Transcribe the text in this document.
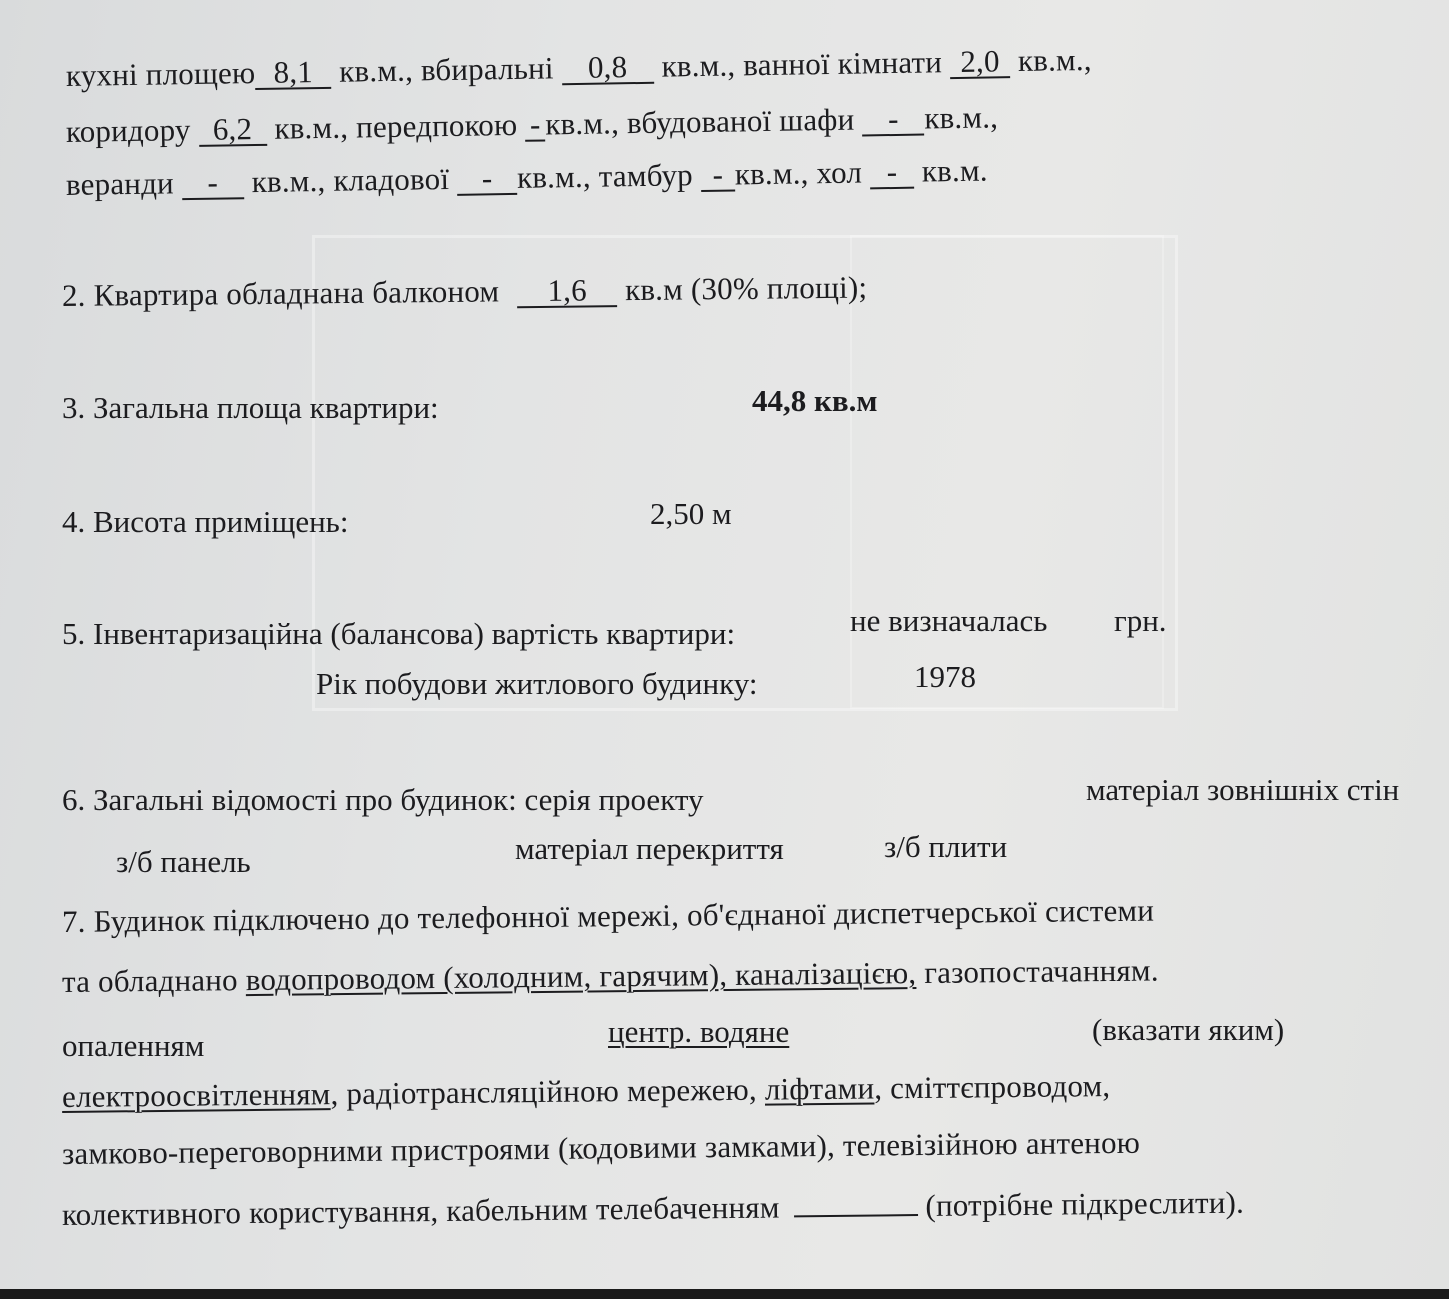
кухні площею 8,1 кв.м., вбиральні 0,8 кв.м., ванної кімнати 2,0 кв.м.,
коридору 6,2 кв.м., передпокою - кв.м., вбудованої шафи - кв.м.,
веранди - кв.м., кладової - кв.м., тамбур - кв.м., хол - кв.м.
2. Квартира обладнана балконом 1,6 кв.м (30% площі);
3. Загальна площа квартири:	44,8 кв.м
4. Висота приміщень:	2,50 м
5. Інвентаризаційна (балансова) вартість квартири:	не визначалась грн.
Рік побудови житлового будинку:	1978
6. Загальні відомості про будинок: серія проекту	матеріал зовнішніх стін
з/б панель	матеріал перекриття	з/б плити
7. Будинок підключено до телефонної мережі, об'єднаної диспетчерської системи
та обладнано водопроводом (холодним, гарячим), каналізацією, газопостачанням.
опаленням	центр. водяне	(вказати яким)
електроосвітленням, радіотрансляційною мережею, ліфтами, сміттєпроводом,
замково-переговорними пристроями (кодовими замками), телевізійною антеною
колективного користування, кабельним телебаченням	(потрібне підкреслити).
